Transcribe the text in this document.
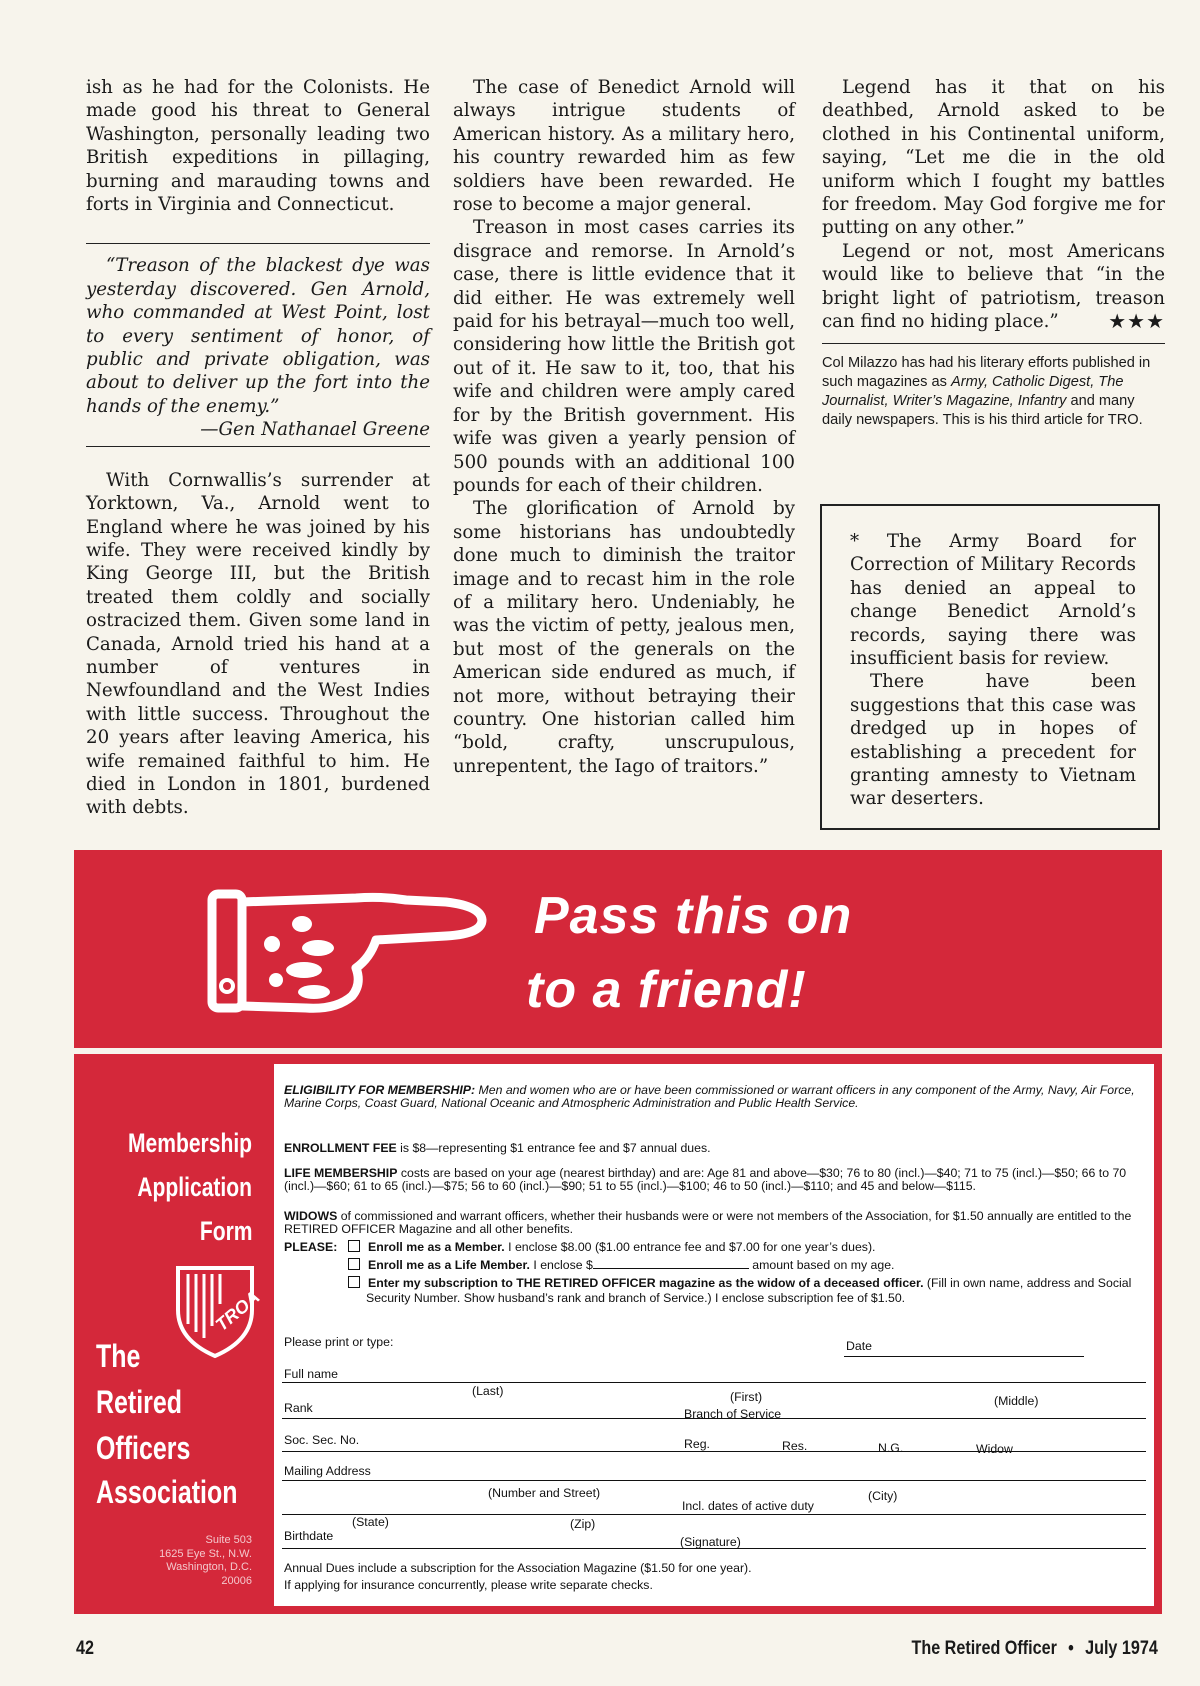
ish as he had for the Colonists. He made good his threat to General Washington, personally leading two British expeditions in pillaging, burning and marauding towns and forts in Virginia and Connecticut.

“Treason of the blackest dye was yesterday discovered. Gen Arnold, who commanded at West Point, lost to every sentiment of honor, of public and private obligation, was about to deliver up the fort into the hands of the enemy.”
—Gen Nathanael Greene

With Cornwallis’s surrender at Yorktown, Va., Arnold went to England where he was joined by his wife. They were received kindly by King George III, but the British treated them coldly and socially ostracized them. Given some land in Canada, Arnold tried his hand at a number of ventures in Newfoundland and the West Indies with little success. Throughout the 20 years after leaving America, his wife remained faithful to him. He died in London in 1801, burdened with debts.

The case of Benedict Arnold will always intrigue students of American history. As a military hero, his country rewarded him as few soldiers have been rewarded. He rose to become a major general.

Treason in most cases carries its disgrace and remorse. In Arnold’s case, there is little evidence that it did either. He was extremely well paid for his betrayal—much too well, considering how little the British got out of it. He saw to it, too, that his wife and children were amply cared for by the British government. His wife was given a yearly pension of 500 pounds with an additional 100 pounds for each of their children.

The glorification of Arnold by some historians has undoubtedly done much to diminish the traitor image and to recast him in the role of a military hero. Undeniably, he was the victim of petty, jealous men, but most of the generals on the American side endured as much, if not more, without betraying their country. One historian called him “bold, crafty, unscrupulous, unrepentent, the Iago of traitors.”

Legend has it that on his deathbed, Arnold asked to be clothed in his Continental uniform, saying, “Let me die in the old uniform which I fought my battles for freedom. May God forgive me for putting on any other.”

Legend or not, most Americans would like to believe that “in the bright light of patriotism, treason can find no hiding place.”	★★★

Col Milazzo has had his literary efforts published in such magazines as Army, Catholic Digest, The Journalist, Writer’s Magazine, Infantry and many daily newspapers. This is his third article for TRO.

* The Army Board for Correction of Military Records has denied an appeal to change Benedict Arnold’s records, saying there was insufficient basis for review.

There have been suggestions that this case was dredged up in hopes of establishing a precedent for granting amnesty to Vietnam war deserters.

Pass this on
to a friend!
Membership
Application
Form
TROA
The
Retired
Officers
Association
Suite 503
1625 Eye St., N.W.
Washington, D.C.
20006

ELIGIBILITY FOR MEMBERSHIP: Men and women who are or have been commissioned or warrant officers in any component of the Army, Navy, Air Force, Marine Corps, Coast Guard, National Oceanic and Atmospheric Administration and Public Health Service.

ENROLLMENT FEE is $8—representing $1 entrance fee and $7 annual dues.

LIFE MEMBERSHIP costs are based on your age (nearest birthday) and are: Age 81 and above—$30; 76 to 80 (incl.)—$40; 71 to 75 (incl.)—$50; 66 to 70 (incl.)—$60; 61 to 65 (incl.)—$75; 56 to 60 (incl.)—$90; 51 to 55 (incl.)—$100; 46 to 50 (incl.)—$110; and 45 and below—$115.

WIDOWS of commissioned and warrant officers, whether their husbands were or were not members of the Association, for $1.50 annually are entitled to the RETIRED OFFICER Magazine and all other benefits.

PLEASE:	Enroll me as a Member. I enclose $8.00 ($1.00 entrance fee and $7.00 for one year’s dues).
Enroll me as a Life Member. I enclose $	amount based on my age.
Enter my subscription to THE RETIRED OFFICER magazine as the widow of a deceased officer. (Fill in own name, address and Social Security Number. Show husband’s rank and branch of Service.) I enclose subscription fee of $1.50.
Please print or type:	Date
Full name
(Last)	(First)	(Middle)
Rank	Branch of Service
Soc. Sec. No.	Reg.	Res.	N.G.	Widow
Mailing Address
(Number and Street)	(City)
Incl. dates of active duty
(State)	(Zip)
Birthdate	(Signature)

Annual Dues include a subscription for the Association Magazine ($1.50 for one year).

If applying for insurance concurrently, please write separate checks.

42	The Retired Officer • July 1974
